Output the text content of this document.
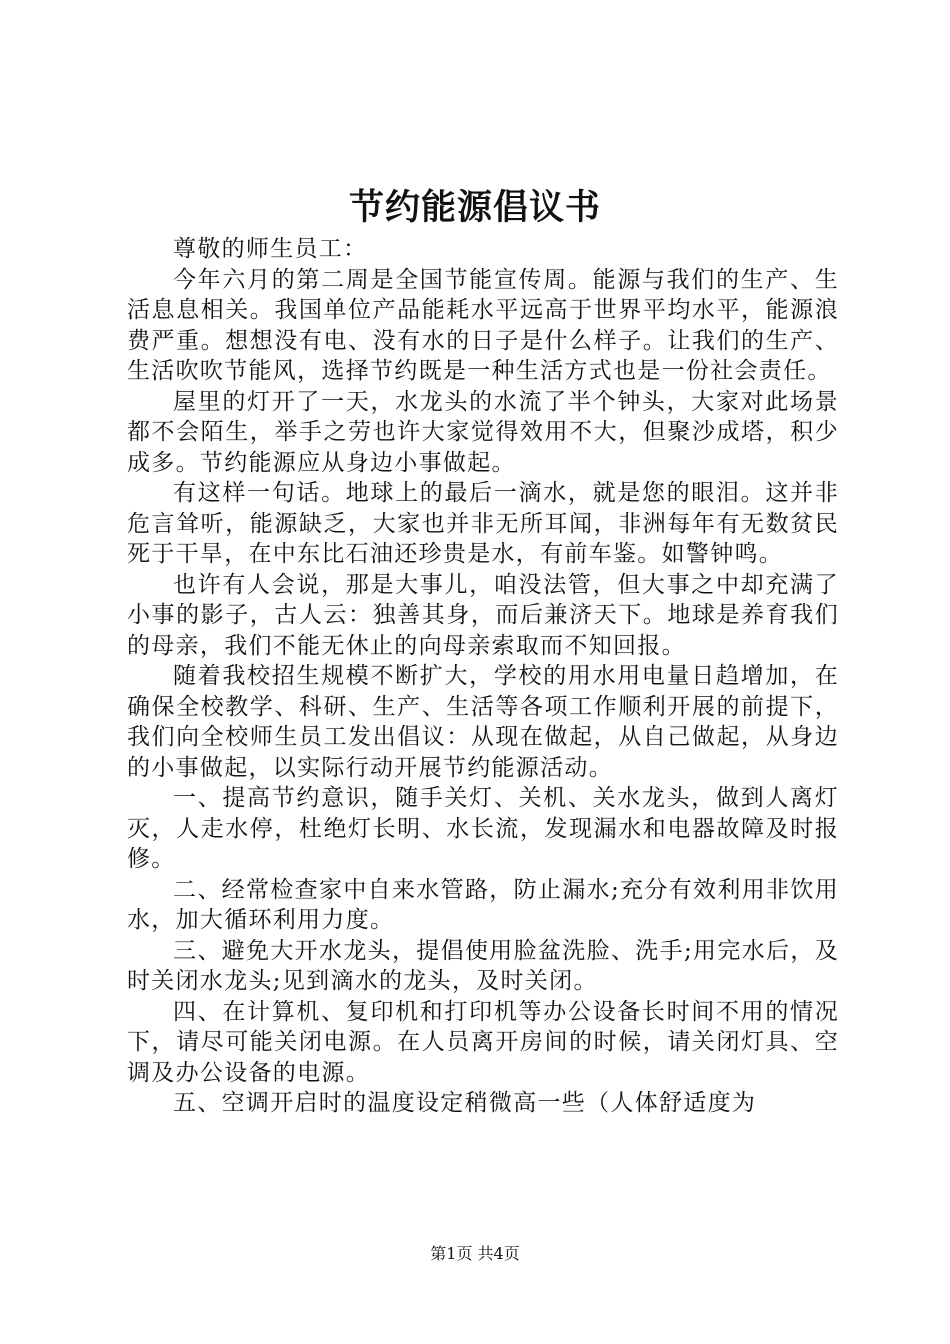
节约能源倡议书

尊敬的师生员工：

今年六月的第二周是全国节能宣传周。能源与我们的生产、生活息息相关。我国单位产品能耗水平远高于世界平均水平，能源浪费严重。想想没有电、没有水的日子是什么样子。让我们的生产、生活吹吹节能风，选择节约既是一种生活方式也是一份社会责任。

屋里的灯开了一天，水龙头的水流了半个钟头，大家对此场景都不会陌生，举手之劳也许大家觉得效用不大，但聚沙成塔，积少成多。节约能源应从身边小事做起。

有这样一句话。地球上的最后一滴水，就是您的眼泪。这并非危言耸听，能源缺乏，大家也并非无所耳闻，非洲每年有无数贫民死于干旱，在中东比石油还珍贵是水，有前车鉴。如警钟鸣。

也许有人会说，那是大事儿，咱没法管，但大事之中却充满了小事的影子，古人云：独善其身，而后兼济天下。地球是养育我们的母亲，我们不能无休止的向母亲索取而不知回报。

随着我校招生规模不断扩大，学校的用水用电量日趋增加，在确保全校教学、科研、生产、生活等各项工作顺利开展的前提下，我们向全校师生员工发出倡议：从现在做起，从自己做起，从身边的小事做起，以实际行动开展节约能源活动。

一、提高节约意识，随手关灯、关机、关水龙头，做到人离灯灭，人走水停，杜绝灯长明、水长流，发现漏水和电器故障及时报修。

二、经常检查家中自来水管路，防止漏水;充分有效利用非饮用水，加大循环利用力度。

三、避免大开水龙头，提倡使用脸盆洗脸、洗手;用完水后，及时关闭水龙头;见到滴水的龙头，及时关闭。

四、在计算机、复印机和打印机等办公设备长时间不用的情况下，请尽可能关闭电源。在人员离开房间的时候，请关闭灯具、空调及办公设备的电源。

五、空调开启时的温度设定稍微高一些（人体舒适度为

第1页 共4页
